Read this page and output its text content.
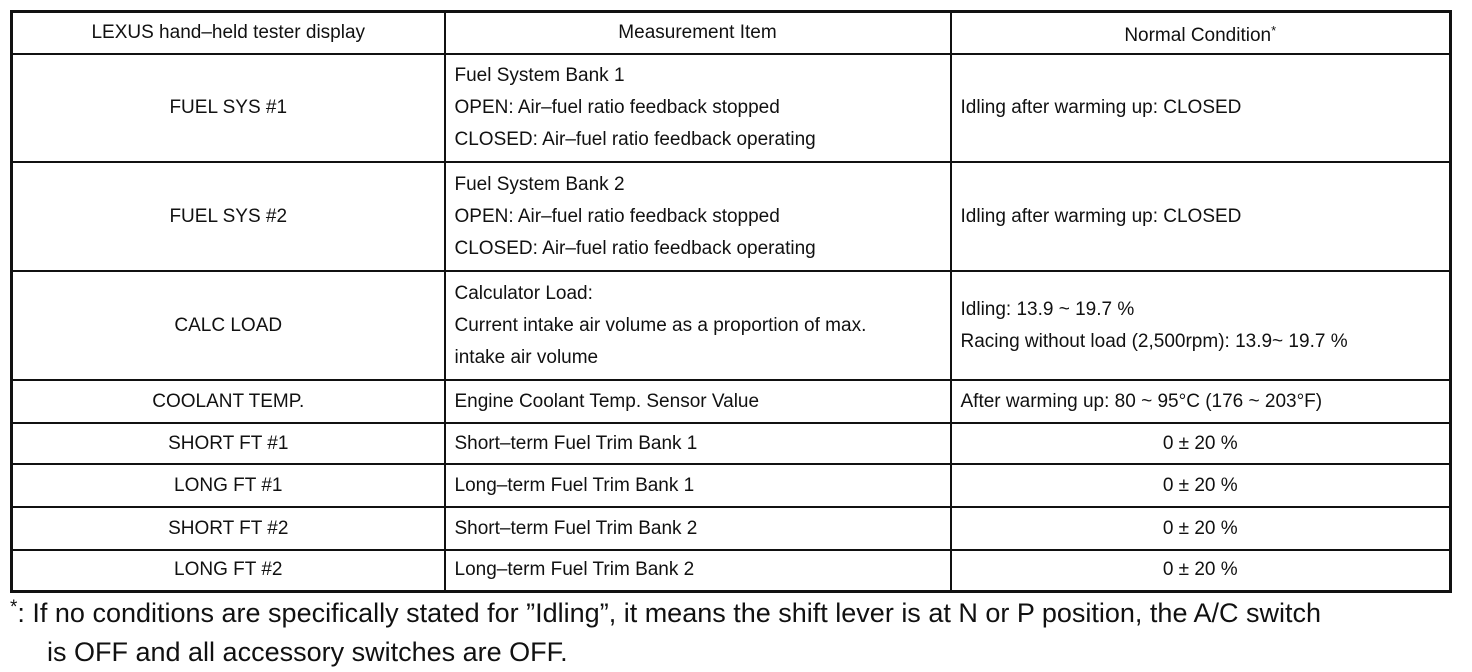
LEXUS hand–held tester display	Measurement Item	Normal Condition*
FUEL SYS #1	Fuel System Bank 1
OPEN: Air–fuel ratio feedback stopped
CLOSED: Air–fuel ratio feedback operating	Idling after warming up: CLOSED

FUEL SYS #2	Fuel System Bank 2
OPEN: Air–fuel ratio feedback stopped
CLOSED: Air–fuel ratio feedback operating	Idling after warming up: CLOSED

CALC LOAD	Calculator Load:
Current intake air volume as a proportion of max.
intake air volume	Idling: 13.9 ~ 19.7 %
Racing without load (2,500rpm): 13.9~ 19.7 %

COOLANT TEMP.	Engine Coolant Temp. Sensor Value	After warming up: 80 ~ 95°C (176 ~ 203°F)
SHORT FT #1	Short–term Fuel Trim Bank 1	0 ± 20 %
LONG FT #1	Long–term Fuel Trim Bank 1	0 ± 20 %
SHORT FT #2	Short–term Fuel Trim Bank 2	0 ± 20 %
LONG FT #2	Long–term Fuel Trim Bank 2	0 ± 20 %
*: If no conditions are specifically stated for ”Idling”, it means the shift lever is at N or P position, the A/C switch
is OFF and all accessory switches are OFF.
